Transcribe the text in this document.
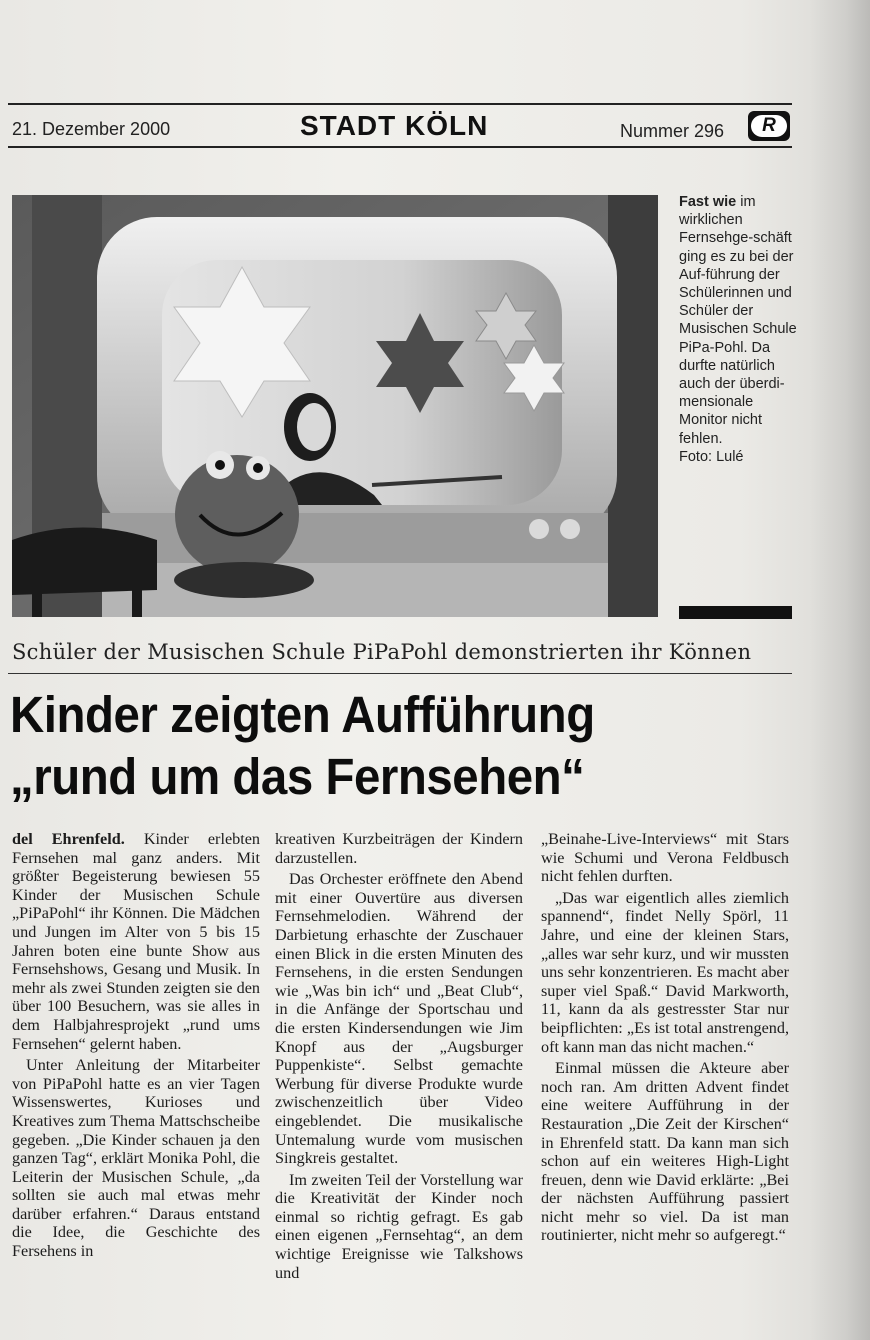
21. Dezember 2000	STADT KÖLN	Nummer 296	R
Fast wie im wirklichen Fernsehge-schäft ging es zu bei der Auf-führung der Schülerinnen und Schüler der Musischen Schule PiPa-Pohl. Da durfte natürlich auch der überdi-mensionale Monitor nicht fehlen.
Foto: Lulé
Schüler der Musischen Schule PiPaPohl demonstrierten ihr Können
Kinder zeigten Aufführung
„rund um das Fernsehen“

del Ehrenfeld. Kinder erlebten Fernsehen mal ganz anders. Mit größter Begeisterung bewiesen 55 Kinder der Musischen Schule „PiPaPohl“ ihr Können. Die Mädchen und Jungen im Alter von 5 bis 15 Jahren boten eine bunte Show aus Fernsehshows, Gesang und Musik. In mehr als zwei Stunden zeigten sie den über 100 Besuchern, was sie alles in dem Halbjahresprojekt „rund ums Fernsehen“ gelernt haben.

Unter Anleitung der Mitarbeiter von PiPaPohl hatte es an vier Tagen Wissenswertes, Kurioses und Kreatives zum Thema Mattschscheibe gegeben. „Die Kinder schauen ja den ganzen Tag“, erklärt Monika Pohl, die Leiterin der Musischen Schule, „da sollten sie auch mal etwas mehr darüber erfahren.“ Daraus entstand die Idee, die Geschichte des Fersehens in

kreativen Kurzbeiträgen der Kindern darzustellen.

Das Orchester eröffnete den Abend mit einer Ouvertüre aus diversen Fernsehmelodien. Während der Darbietung erhaschte der Zuschauer einen Blick in die ersten Minuten des Fernsehens, in die ersten Sendungen wie „Was bin ich“ und „Beat Club“, in die Anfänge der Sportschau und die ersten Kindersendungen wie Jim Knopf aus der „Augsburger Puppenkiste“. Selbst gemachte Werbung für diverse Produkte wurde zwischenzeitlich über Video eingeblendet. Die musikalische Untemalung wurde vom musischen Singkreis gestaltet.

Im zweiten Teil der Vorstellung war die Kreativität der Kinder noch einmal so richtig gefragt. Es gab einen eigenen „Fernsehtag“, an dem wichtige Ereignisse wie Talkshows und

„Beinahe-Live-Interviews“ mit Stars wie Schumi und Verona Feldbusch nicht fehlen durften.

„Das war eigentlich alles ziemlich spannend“, findet Nelly Spörl, 11 Jahre, und eine der kleinen Stars, „alles war sehr kurz, und wir mussten uns sehr konzentrieren. Es macht aber super viel Spaß.“ David Markworth, 11, kann da als gestresster Star nur beipflichten: „Es ist total anstrengend, oft kann man das nicht machen.“

Einmal müssen die Akteure aber noch ran. Am dritten Advent findet eine weitere Aufführung in der Restauration „Die Zeit der Kirschen“ in Ehrenfeld statt. Da kann man sich schon auf ein weiteres High-Light freuen, denn wie David erklärte: „Bei der nächsten Aufführung passiert nicht mehr so viel. Da ist man routinierter, nicht mehr so aufgeregt.“
